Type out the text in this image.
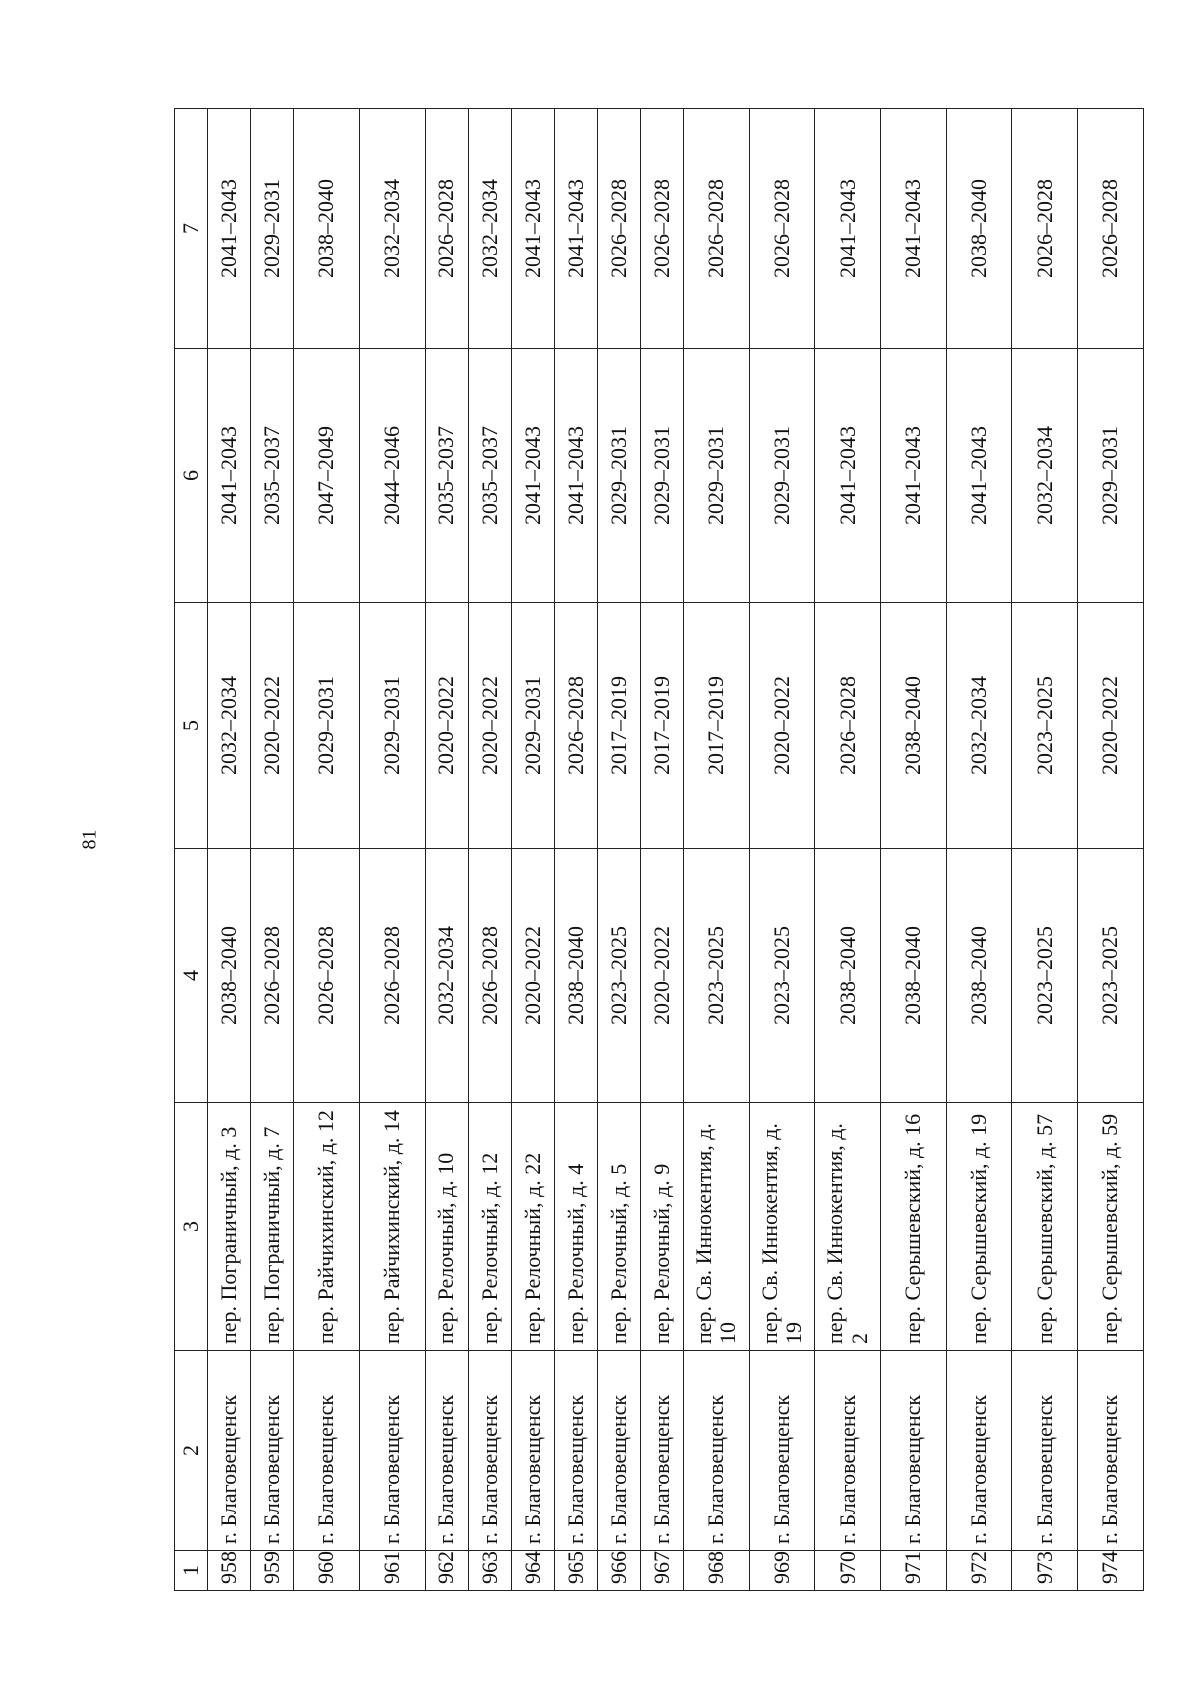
81
1	2	3	4	5	6	7
958	г. Благовещенск	пер. Пограничный, д. 3	2038–2040	2032–2034	2041–2043	2041–2043
959	г. Благовещенск	пер. Пограничный, д. 7	2026–2028	2020–2022	2035–2037	2029–2031
960	г. Благовещенск	пер. Райчихинский, д. 12	2026–2028	2029–2031	2047–2049	2038–2040
961	г. Благовещенск	пер. Райчихинский, д. 14	2026–2028	2029–2031	2044–2046	2032–2034
962	г. Благовещенск	пер. Релочный, д. 10	2032–2034	2020–2022	2035–2037	2026–2028
963	г. Благовещенск	пер. Релочный, д. 12	2026–2028	2020–2022	2035–2037	2032–2034
964	г. Благовещенск	пер. Релочный, д. 22	2020–2022	2029–2031	2041–2043	2041–2043
965	г. Благовещенск	пер. Релочный, д. 4	2038–2040	2026–2028	2041–2043	2041–2043
966	г. Благовещенск	пер. Релочный, д. 5	2023–2025	2017–2019	2029–2031	2026–2028
967	г. Благовещенск	пер. Релочный, д. 9	2020–2022	2017–2019	2029–2031	2026–2028
968	г. Благовещенск	пер. Св. Иннокентия, д. 10	2023–2025	2017–2019	2029–2031	2026–2028
969	г. Благовещенск	пер. Св. Иннокентия, д. 19	2023–2025	2020–2022	2029–2031	2026–2028
970	г. Благовещенск	пер. Св. Иннокентия, д. 2	2038–2040	2026–2028	2041–2043	2041–2043
971	г. Благовещенск	пер. Серышевский, д. 16	2038–2040	2038–2040	2041–2043	2041–2043
972	г. Благовещенск	пер. Серышевский, д. 19	2038–2040	2032–2034	2041–2043	2038–2040
973	г. Благовещенск	пер. Серышевский, д. 57	2023–2025	2023–2025	2032–2034	2026–2028
974	г. Благовещенск	пер. Серышевский, д. 59	2023–2025	2020–2022	2029–2031	2026–2028
